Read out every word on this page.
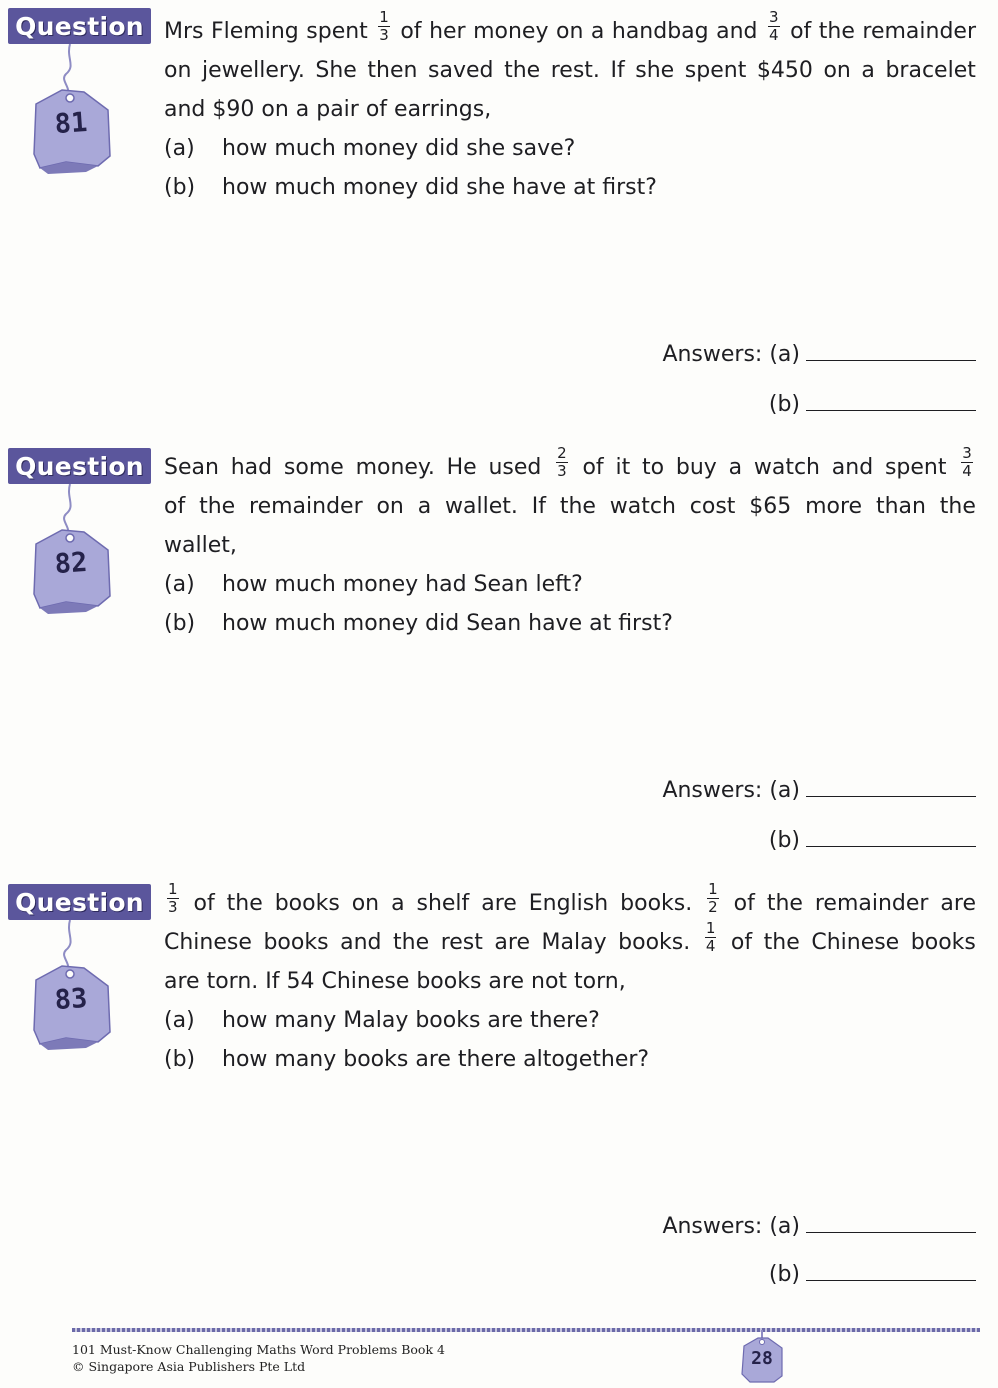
Question
81
Mrs Fleming spent $\frac{1}{3}$ of her money on a handbag and $\frac{3}{4}$ of the remainder
on jewellery. She then saved the rest. If she spent $450 on a bracelet
and $90 on a pair of earrings,
(a)	how much money did she save?
(b)	how much money did she have at first?
Answers:
(a)
(b)
Question
82
Sean had some money. He used $\frac{2}{3}$ of it to buy a watch and spent $\frac{3}{4}$
of the remainder on a wallet. If the watch cost $65 more than the
wallet,
(a)	how much money had Sean left?
(b)	how much money did Sean have at first?
Answers:
(a)
(b)
Question
83
$\frac{1}{3}$ of the books on a shelf are English books. $\frac{1}{2}$ of the remainder are
Chinese books and the rest are Malay books. $\frac{1}{4}$ of the Chinese books
are torn. If 54 Chinese books are not torn,
(a)	how many Malay books are there?
(b)	how many books are there altogether?
Answers:
(a)
(b)
101 Must-Know Challenging Maths Word Problems Book 4
© Singapore Asia Publishers Pte Ltd	28
